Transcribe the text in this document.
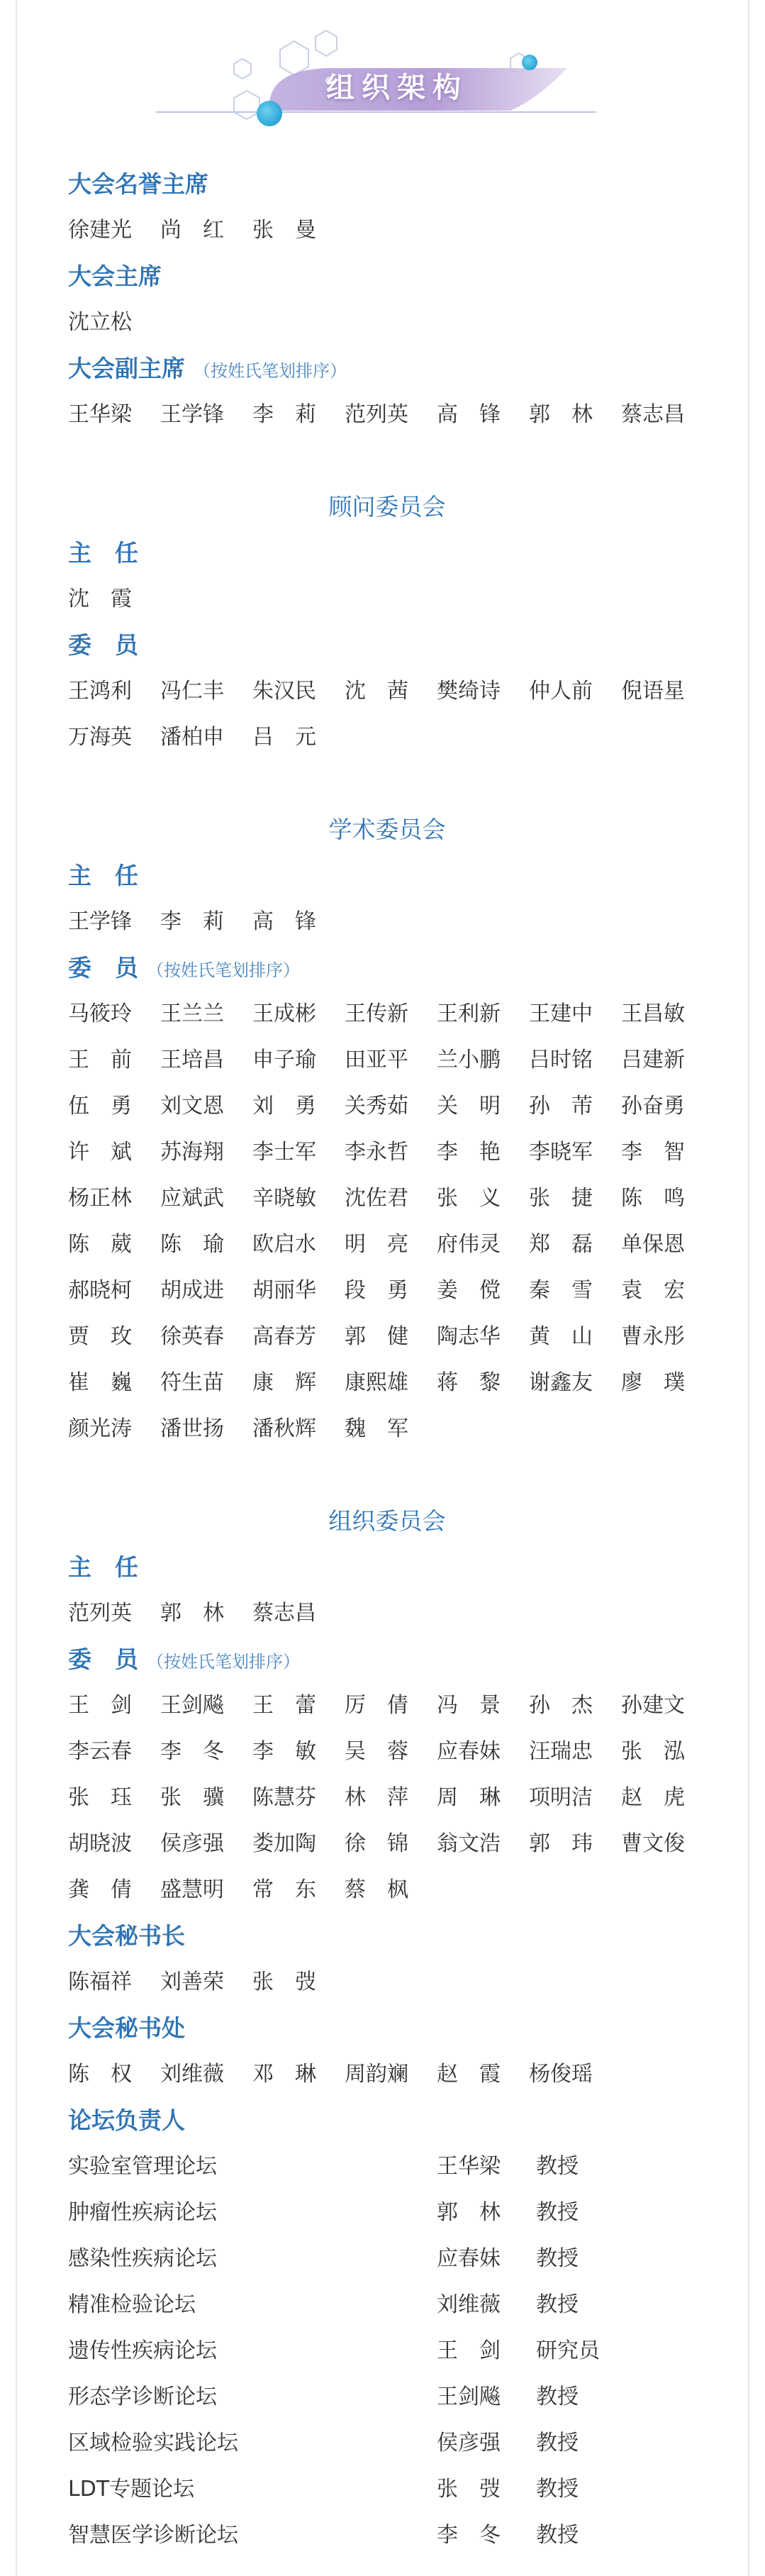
组织架构
大会名誉主席
徐建光	尚　红	张　曼
大会主席
沈立松
大会副主席 （按姓氏笔划排序）
王华梁	王学锋	李　莉	范列英	高　锋	郭　林	蔡志昌
顾问委员会
主　任
沈　霞
委　员
王鸿利	冯仁丰	朱汉民	沈　茜	樊绮诗	仲人前	倪语星
万海英	潘柏申	吕　元
学术委员会
主　任
王学锋	李　莉	高　锋
委　员 （按姓氏笔划排序）
马筱玲	王兰兰	王成彬	王传新	王利新	王建中	王昌敏
王　前	王培昌	申子瑜	田亚平	兰小鹏	吕时铭	吕建新
伍　勇	刘文恩	刘　勇	关秀茹	关　明	孙　芾	孙奋勇
许　斌	苏海翔	李士军	李永哲	李　艳	李晓军	李　智
杨正林	应斌武	辛晓敏	沈佐君	张　义	张　捷	陈　鸣
陈　葳	陈　瑜	欧启水	明　亮	府伟灵	郑　磊	单保恩
郝晓柯	胡成进	胡丽华	段　勇	姜　傥	秦　雪	袁　宏
贾　玫	徐英春	高春芳	郭　健	陶志华	黄　山	曹永彤
崔　巍	符生苗	康　辉	康熙雄	蒋　黎	谢鑫友	廖　璞
颜光涛	潘世扬	潘秋辉	魏　军
组织委员会
主　任
范列英	郭　林	蔡志昌
委　员 （按姓氏笔划排序）
王　剑	王剑飚	王　蕾	厉　倩	冯　景	孙　杰	孙建文
李云春	李　冬	李　敏	吴　蓉	应春妹	汪瑞忠	张　泓
张　珏	张　骥	陈慧芬	林　萍	周　琳	项明洁	赵　虎
胡晓波	侯彦强	娄加陶	徐　锦	翁文浩	郭　玮	曹文俊
龚　倩	盛慧明	常　东	蔡　枫
大会秘书长
陈福祥	刘善荣	张　弢
大会秘书处
陈　权	刘维薇	邓　琳	周韵斓	赵　霞	杨俊瑶
论坛负责人
实验室管理论坛	王华梁	教授
肿瘤性疾病论坛	郭　林	教授
感染性疾病论坛	应春妹	教授
精准检验论坛	刘维薇	教授
遗传性疾病论坛	王　剑	研究员
形态学诊断论坛	王剑飚	教授
区域检验实践论坛	侯彦强	教授
LDT专题论坛	张　弢	教授
智慧医学诊断论坛	李　冬	教授
